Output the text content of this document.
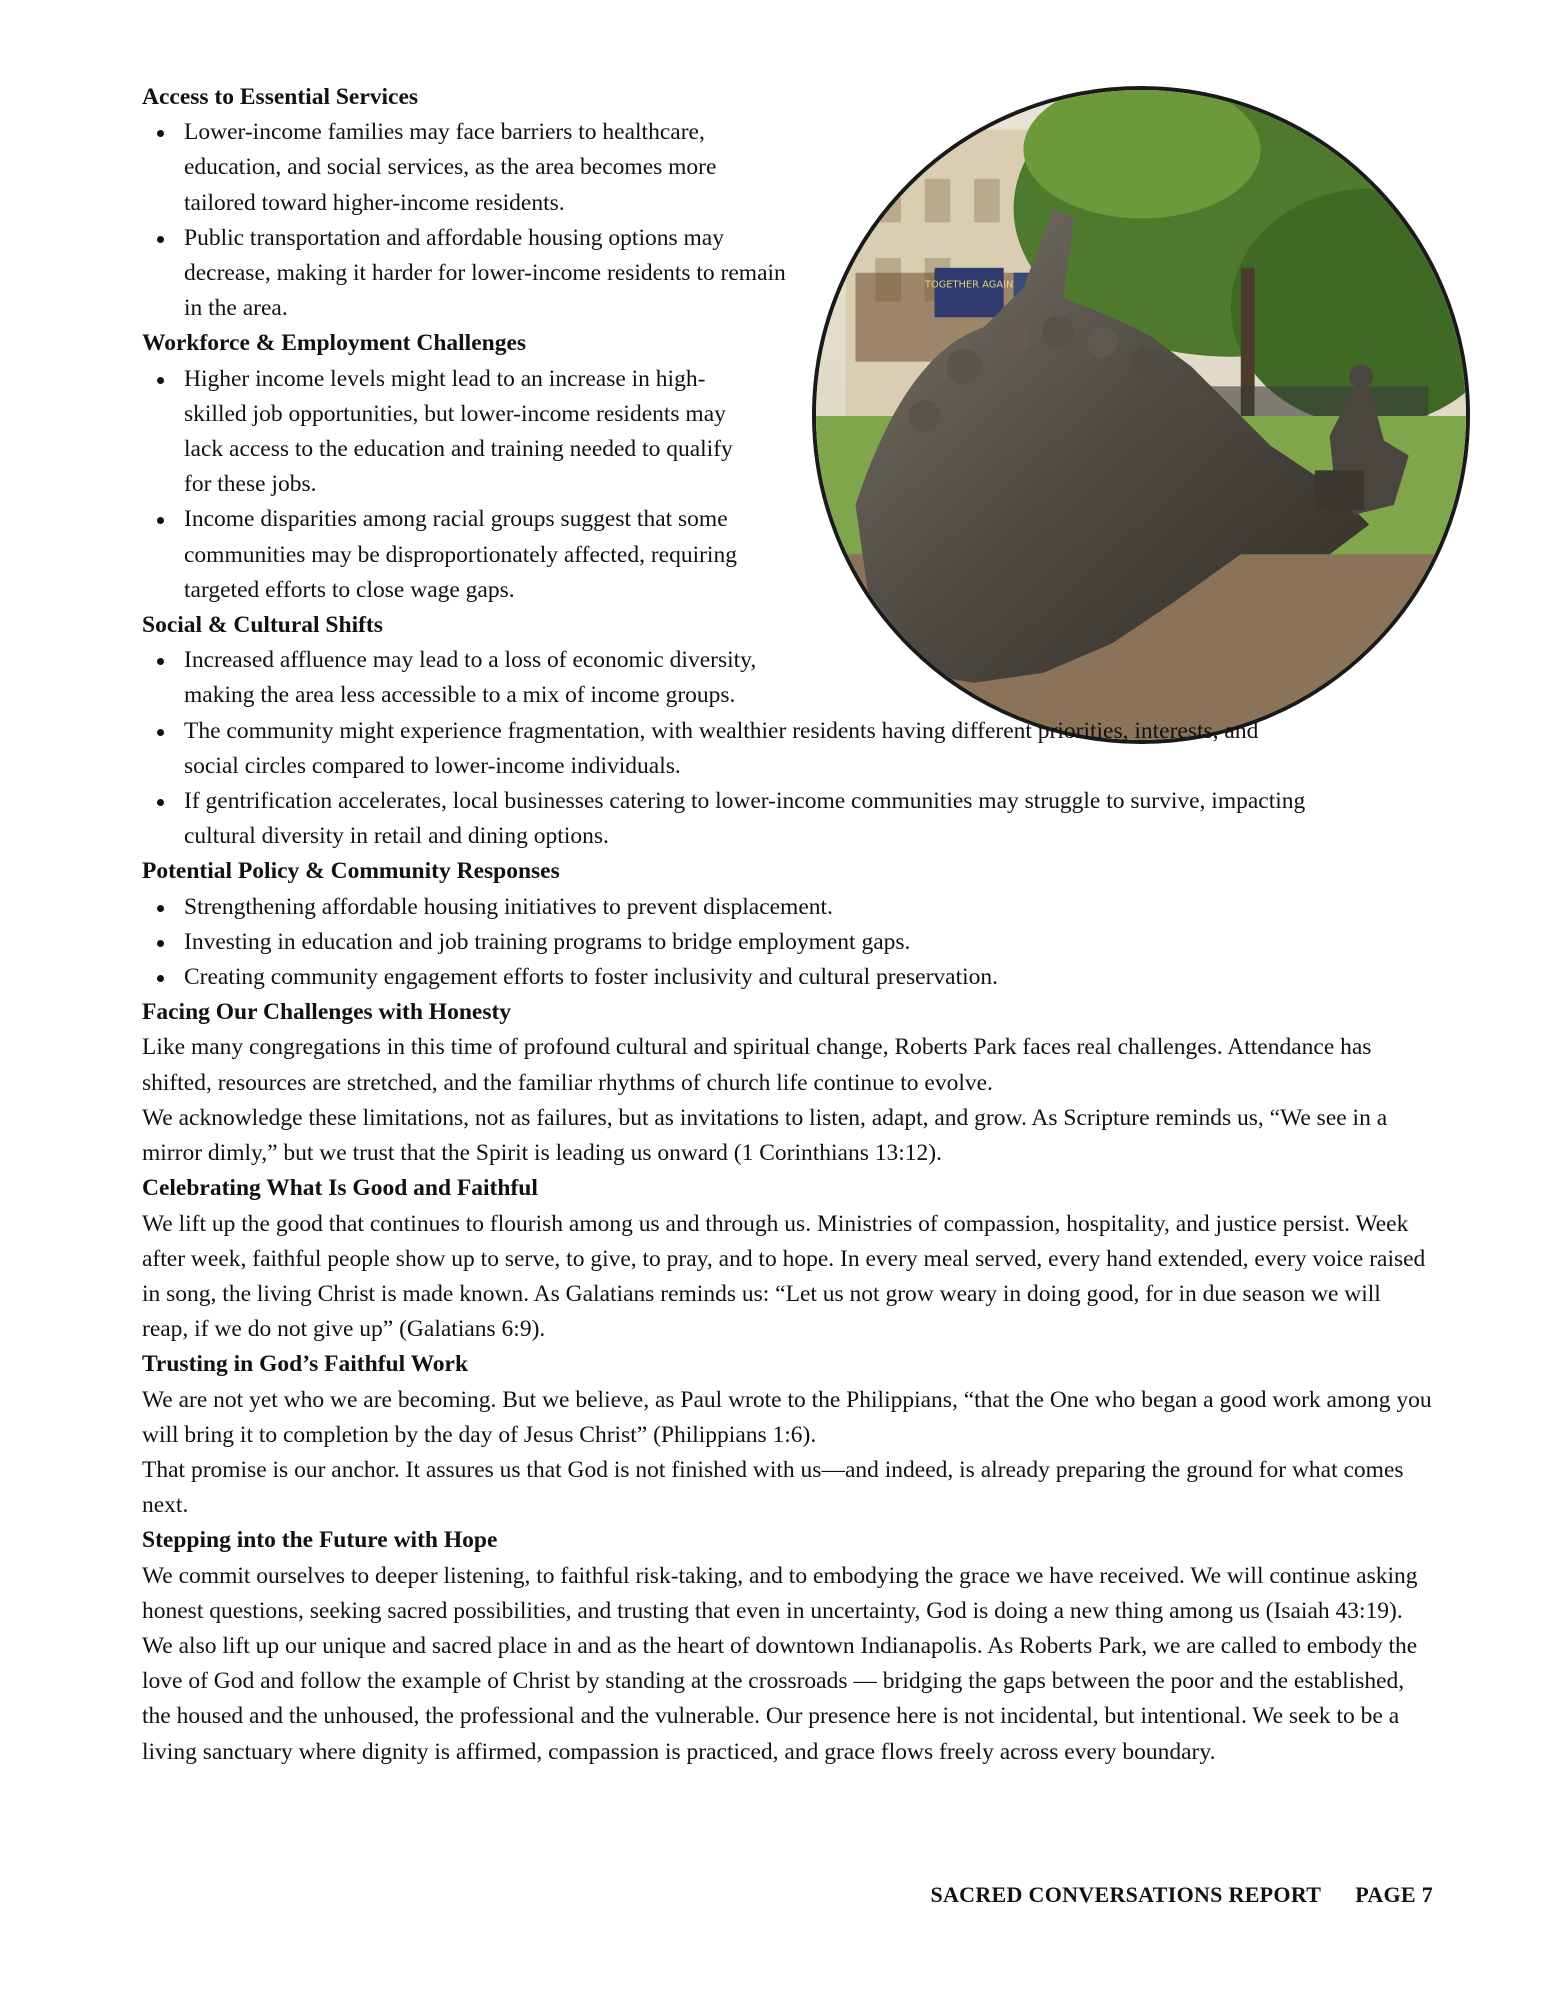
TOGETHER AGAIN
Access to Essential Services
Lower-income families may face barriers to healthcare, education, and social services, as the area becomes more tailored toward higher-income residents.
Public transportation and affordable housing options may decrease, making it harder for lower-income residents to remain in the area.
Workforce & Employment Challenges
Higher income levels might lead to an increase in high-skilled job opportunities, but lower-income residents may lack access to the education and training needed to qualify for these jobs.
Income disparities among racial groups suggest that some communities may be disproportionately affected, requiring targeted efforts to close wage gaps.
Social & Cultural Shifts
Increased affluence may lead to a loss of economic diversity, making the area less accessible to a mix of income groups.
The community might experience fragmentation, with wealthier residents having different priorities, interests, and social circles compared to lower-income individuals.
If gentrification accelerates, local businesses catering to lower-income communities may struggle to survive, impacting cultural diversity in retail and dining options.
Potential Policy & Community Responses
Strengthening affordable housing initiatives to prevent displacement.
Investing in education and job training programs to bridge employment gaps.
Creating community engagement efforts to foster inclusivity and cultural preservation.
Facing Our Challenges with Honesty
Like many congregations in this time of profound cultural and spiritual change, Roberts Park faces real challenges. Attendance has shifted, resources are stretched, and the familiar rhythms of church life continue to evolve.
We acknowledge these limitations, not as failures, but as invitations to listen, adapt, and grow. As Scripture reminds us, “We see in a mirror dimly,” but we trust that the Spirit is leading us onward (1 Corinthians 13:12).
Celebrating What Is Good and Faithful
We lift up the good that continues to flourish among us and through us. Ministries of compassion, hospitality, and justice persist. Week after week, faithful people show up to serve, to give, to pray, and to hope. In every meal served, every hand extended, every voice raised in song, the living Christ is made known. As Galatians reminds us: “Let us not grow weary in doing good, for in due season we will reap, if we do not give up” (Galatians 6:9).
Trusting in God’s Faithful Work
We are not yet who we are becoming. But we believe, as Paul wrote to the Philippians, “that the One who began a good work among you will bring it to completion by the day of Jesus Christ” (Philippians 1:6).
That promise is our anchor. It assures us that God is not finished with us—and indeed, is already preparing the ground for what comes next.
Stepping into the Future with Hope
We commit ourselves to deeper listening, to faithful risk-taking, and to embodying the grace we have received. We will continue asking honest questions, seeking sacred possibilities, and trusting that even in uncertainty, God is doing a new thing among us (Isaiah 43:19).
We also lift up our unique and sacred place in and as the heart of downtown Indianapolis. As Roberts Park, we are called to embody the love of God and follow the example of Christ by standing at the crossroads — bridging the gaps between the poor and the established, the housed and the unhoused, the professional and the vulnerable. Our presence here is not incidental, but intentional. We seek to be a living sanctuary where dignity is affirmed, compassion is practiced, and grace flows freely across every boundary.
SACRED CONVERSATIONS REPORT PAGE 7
